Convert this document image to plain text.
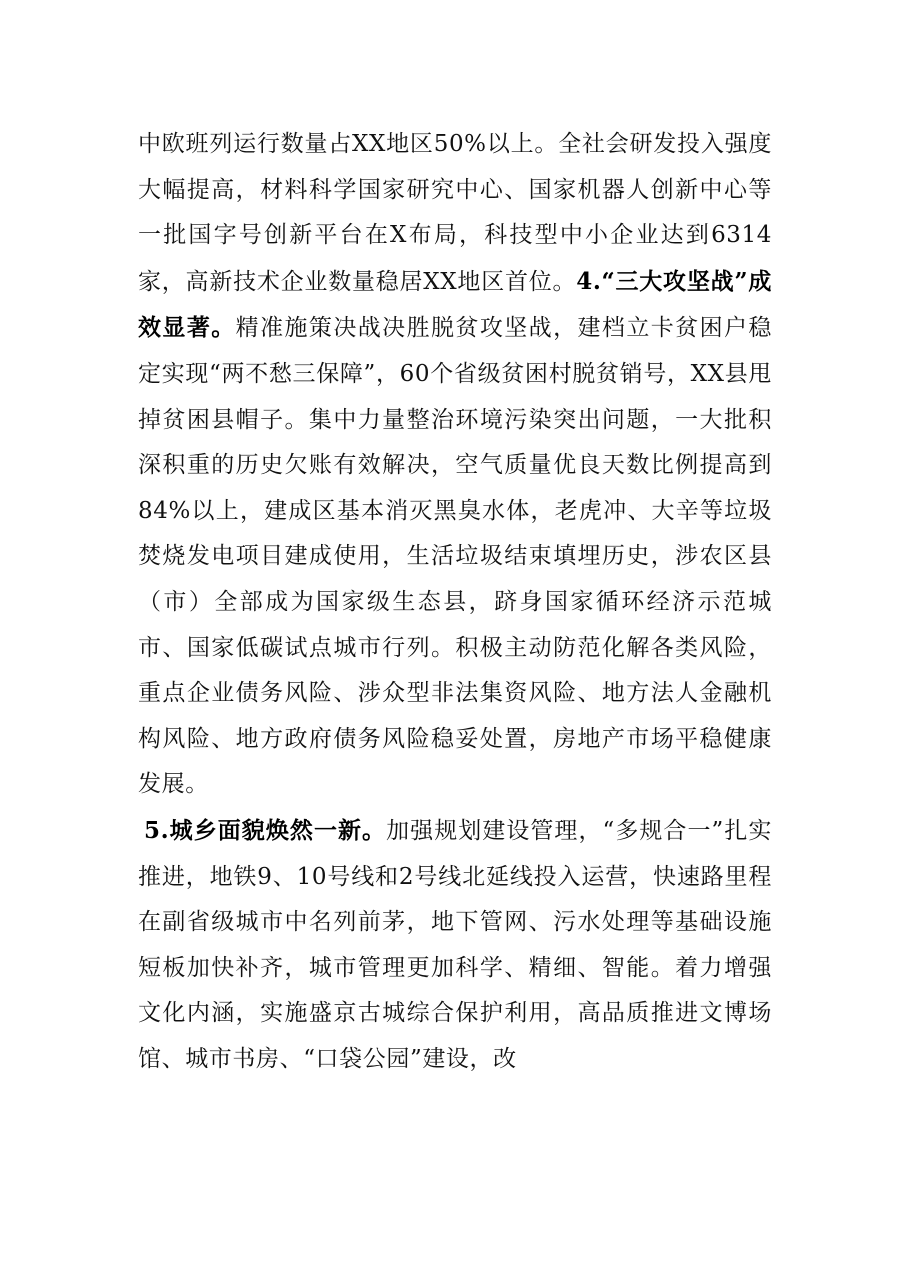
中欧班列运行数量占XX地区50%以上。全社会研发投入强度大幅提高，材料科学国家研究中心、国家机器人创新中心等一批国字号创新平台在X布局，科技型中小企业达到6314家，高新技术企业数量稳居XX地区首位。4.“三大攻坚战”成效显著。精准施策决战决胜脱贫攻坚战，建档立卡贫困户稳定实现“两不愁三保障”，60个省级贫困村脱贫销号，XX县甩掉贫困县帽子。集中力量整治环境污染突出问题，一大批积深积重的历史欠账有效解决，空气质量优良天数比例提高到84%以上，建成区基本消灭黑臭水体，老虎冲、大辛等垃圾焚烧发电项目建成使用，生活垃圾结束填埋历史，涉农区县（市）全部成为国家级生态县，跻身国家循环经济示范城市、国家低碳试点城市行列。积极主动防范化解各类风险，重点企业债务风险、涉众型非法集资风险、地方法人金融机构风险、地方政府债务风险稳妥处置，房地产市场平稳健康发展。

5.城乡面貌焕然一新。加强规划建设管理，“多规合一”扎实推进，地铁9、10号线和2号线北延线投入运营，快速路里程在副省级城市中名列前茅，地下管网、污水处理等基础设施短板加快补齐，城市管理更加科学、精细、智能。着力增强文化内涵，实施盛京古城综合保护利用，高品质推进文博场馆、城市书房、“口袋公园”建设，改
